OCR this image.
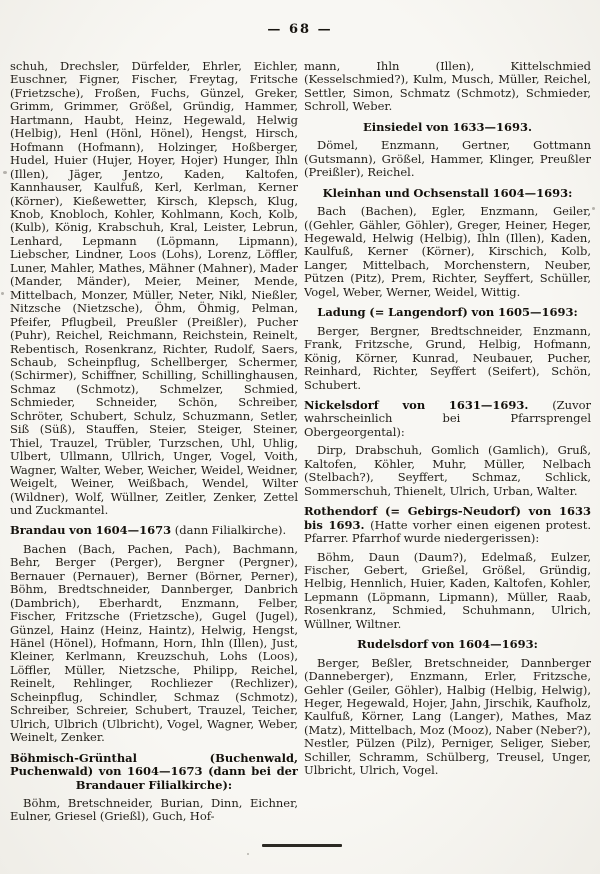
— 68 —

schuh, Drechsler, Dürfelder, Ehrler, Eichler, Euschner, Figner, Fischer, Freytag, Fritsche (Frietzsche), Froßen, Fuchs, Günzel, Greker, Grimm, Grimmer, Größel, Gründig, Hammer, Hartmann, Haubt, Heinz, Hegewald, Helwig (Helbig), Henl (Hönl, Hönel), Hengst, Hirsch, Hofmann (Hofmann), Holzinger, Hoßberger, Hudel, Huier (Hujer, Hoyer, Hojer) Hunger, Ihln (Illen), Jäger, Jentzo, Kaden, Kaltofen, Kannhauser, Kaulfuß, Kerl, Kerlman, Kerner (Körner), Kießewetter, Kirsch, Klepsch, Klug, Knob, Knobloch, Kohler, Kohlmann, Koch, Kolb, (Kulb), König, Krabschuh, Kral, Leister, Lebrun, Lenhard, Lepmann (Löpmann, Lipmann), Liebscher, Lindner, Loos (Lohs), Lorenz, Löffler, Luner, Mahler, Mathes, Mähner (Mahner), Mader (Mander, Mänder), Meier, Meiner, Mende, Mittelbach, Monzer, Müller, Neter, Nikl, Nießler, Nitzsche (Nietzsche), Öhm, Öhmig, Pelman, Pfeifer, Pflugbeil, Preußler (Preißler), Pucher (Puhr), Reichel, Reichmann, Reichstein, Reinelt, Rebentisch, Rosenkranz, Richter, Rudolf, Saers, Schaub, Scheinpflug, Schellberger, Schermer, (Schirmer), Schiffner, Schilling, Schillinghausen, Schmaz (Schmotz), Schmelzer, Schmied, Schmieder, Schneider, Schön, Schreiber, Schröter, Schubert, Schulz, Schuzmann, Setler, Siß (Süß), Stauffen, Steier, Steiger, Steiner, Thiel, Trauzel, Trübler, Turzschen, Uhl, Uhlig, Ulbert, Ullmann, Ullrich, Unger, Vogel, Voith, Wagner, Walter, Weber, Weicher, Weidel, Weidner, Weigelt, Weiner, Weißbach, Wendel, Wilter (Wildner), Wolf, Wüllner, Zeitler, Zenker, Zettel und Zuckmantel.

Brandau von 1604—1673 (dann Filialkirche).

Bachen (Bach, Pachen, Pach), Bachmann, Behr, Berger (Perger), Bergner (Pergner), Bernauer (Pernauer), Berner (Börner, Perner), Böhm, Bredtschneider, Dannberger, Danbrich (Dambrich), Eberhardt, Enzmann, Felber, Fischer, Fritzsche (Frietzsche), Gugel (Jugel), Günzel, Hainz (Heinz, Haintz), Helwig, Hengst, Hänel (Hönel), Hofmann, Horn, Ihln (Illen), Just, Kleiner, Kerlmann, Kreuzschuh, Lohs (Loos), Löffler, Müller, Nietzsche, Philipp, Reichel, Reinelt, Rehlinger, Rochliezer (Rechlizer), Scheinpflug, Schindler, Schmaz (Schmotz), Schreiber, Schreier, Schubert, Trauzel, Teicher, Ulrich, Ulbrich (Ulbricht), Vogel, Wagner, Weber, Weinelt, Zenker.

Böhmisch-Grünthal (Buchenwald, Puchenwald) von 1604—1673 (dann bei der Brandauer Filialkirche):

Böhm, Bretschneider, Burian, Dinn, Eichner, Eulner, Griesel (Grießl), Guch, Hof-

mann, Ihln (Illen), Kittelschmied (Kesselschmied?), Kulm, Musch, Müller, Reichel, Settler, Simon, Schmatz (Schmotz), Schmieder, Schroll, Weber.

Einsiedel von 1633—1693.

Dömel, Enzmann, Gertner, Gottmann (Gutsmann), Größel, Hammer, Klinger, Preußler (Preißler), Reichel.

Kleinhan und Ochsenstall 1604—1693:

Bach (Bachen), Egler, Enzmann, Geiler, ((Gehler, Gähler, Göhler), Greger, Heiner, Heger, Hegewald, Helwig (Helbig), Ihln (Illen), Kaden, Kaulfuß, Kerner (Körner), Kirschich, Kolb, Langer, Mittelbach, Morchenstern, Neuber, Pützen (Pitz), Prem, Richter, Seyffert, Schüller, Vogel, Weber, Werner, Weidel, Wittig.

Ladung (= Langendorf) von 1605—1693:

Berger, Bergner, Bredtschneider, Enzmann, Frank, Fritzsche, Grund, Helbig, Hofmann, König, Körner, Kunrad, Neubauer, Pucher, Reinhard, Richter, Seyffert (Seifert), Schön, Schubert.

Nickelsdorf von 1631—1693. (Zuvor wahrscheinlich bei Pfarrsprengel Obergeorgental):

Dirp, Drabschuh, Gomlich (Gamlich), Gruß, Kaltofen, Köhler, Muhr, Müller, Nelbach (Stelbach?), Seyffert, Schmaz, Schlick, Sommerschuh, Thienelt, Ulrich, Urban, Walter.

Rothendorf (= Gebirgs-Neudorf) von 1633 bis 1693. (Hatte vorher einen eigenen protest. Pfarrer. Pfarrhof wurde niedergerissen):

Böhm, Daun (Daum?), Edelmaß, Eulzer, Fischer, Gebert, Grießel, Größel, Gründig, Helbig, Hennlich, Huier, Kaden, Kaltofen, Kohler, Lepmann (Löpmann, Lipmann), Müller, Raab, Rosenkranz, Schmied, Schuhmann, Ulrich, Wüllner, Wiltner.

Rudelsdorf von 1604—1693:

Berger, Beßler, Bretschneider, Dannberger (Danneberger), Enzmann, Erler, Fritzsche, Gehler (Geiler, Göhler), Halbig (Helbig, Helwig), Heger, Hegewald, Hojer, Jahn, Jirschik, Kaufholz, Kaulfuß, Körner, Lang (Langer), Mathes, Maz (Matz), Mittelbach, Moz (Mooz), Naber (Neber?), Nestler, Pülzen (Pilz), Perniger, Seliger, Sieber, Schiller, Schramm, Schülberg, Treusel, Unger, Ulbricht, Ulrich, Vogel.
